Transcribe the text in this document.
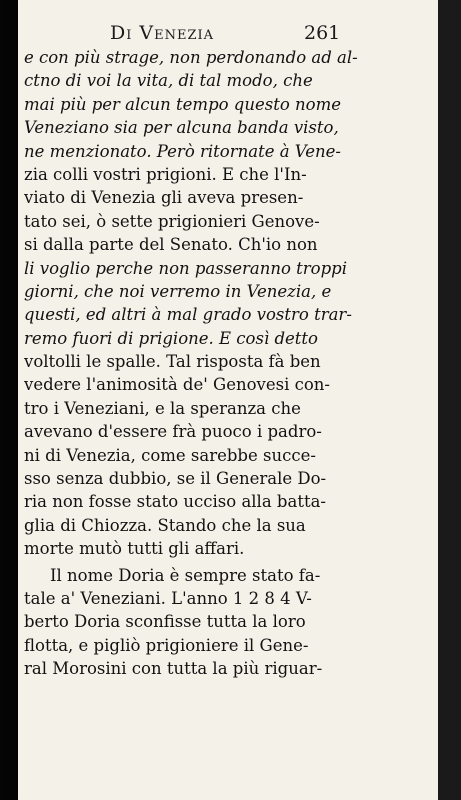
Di Venezia	261
e con più strage, non perdonando ad al-
ctno di voi la vita, di tal modo, che
mai più per alcun tempo questo nome
Veneziano sia per alcuna banda visto,
ne menzionato. Però ritornate à Vene-
zia colli vostri prigioni. E che l'In-
viato di Venezia gli aveva presen-
tato sei, ò sette prigionieri Genove-
si dalla parte del Senato. Ch'io non
li voglio perche non passeranno troppi
giorni, che noi verremo in Venezia, e
questi, ed altri à mal grado vostro trar-
remo fuori di prigione. E così detto
voltolli le spalle. Tal risposta fà ben
vedere l'animosità de' Genovesi con-
tro i Veneziani, e la speranza che
avevano d'essere frà puoco i padro-
ni di Venezia, come sarebbe succe-
sso senza dubbio, se il Generale Do-
ria non fosse stato ucciso alla batta-
glia di Chiozza. Stando che la sua
morte mutò tutti gli affari.
Il nome Doria è sempre stato fa-
tale a' Veneziani. L'anno 1 2 8 4 V-
berto Doria sconfisse tutta la loro
flotta, e pigliò prigioniere il Gene-
ral Morosini con tutta la più riguar-
